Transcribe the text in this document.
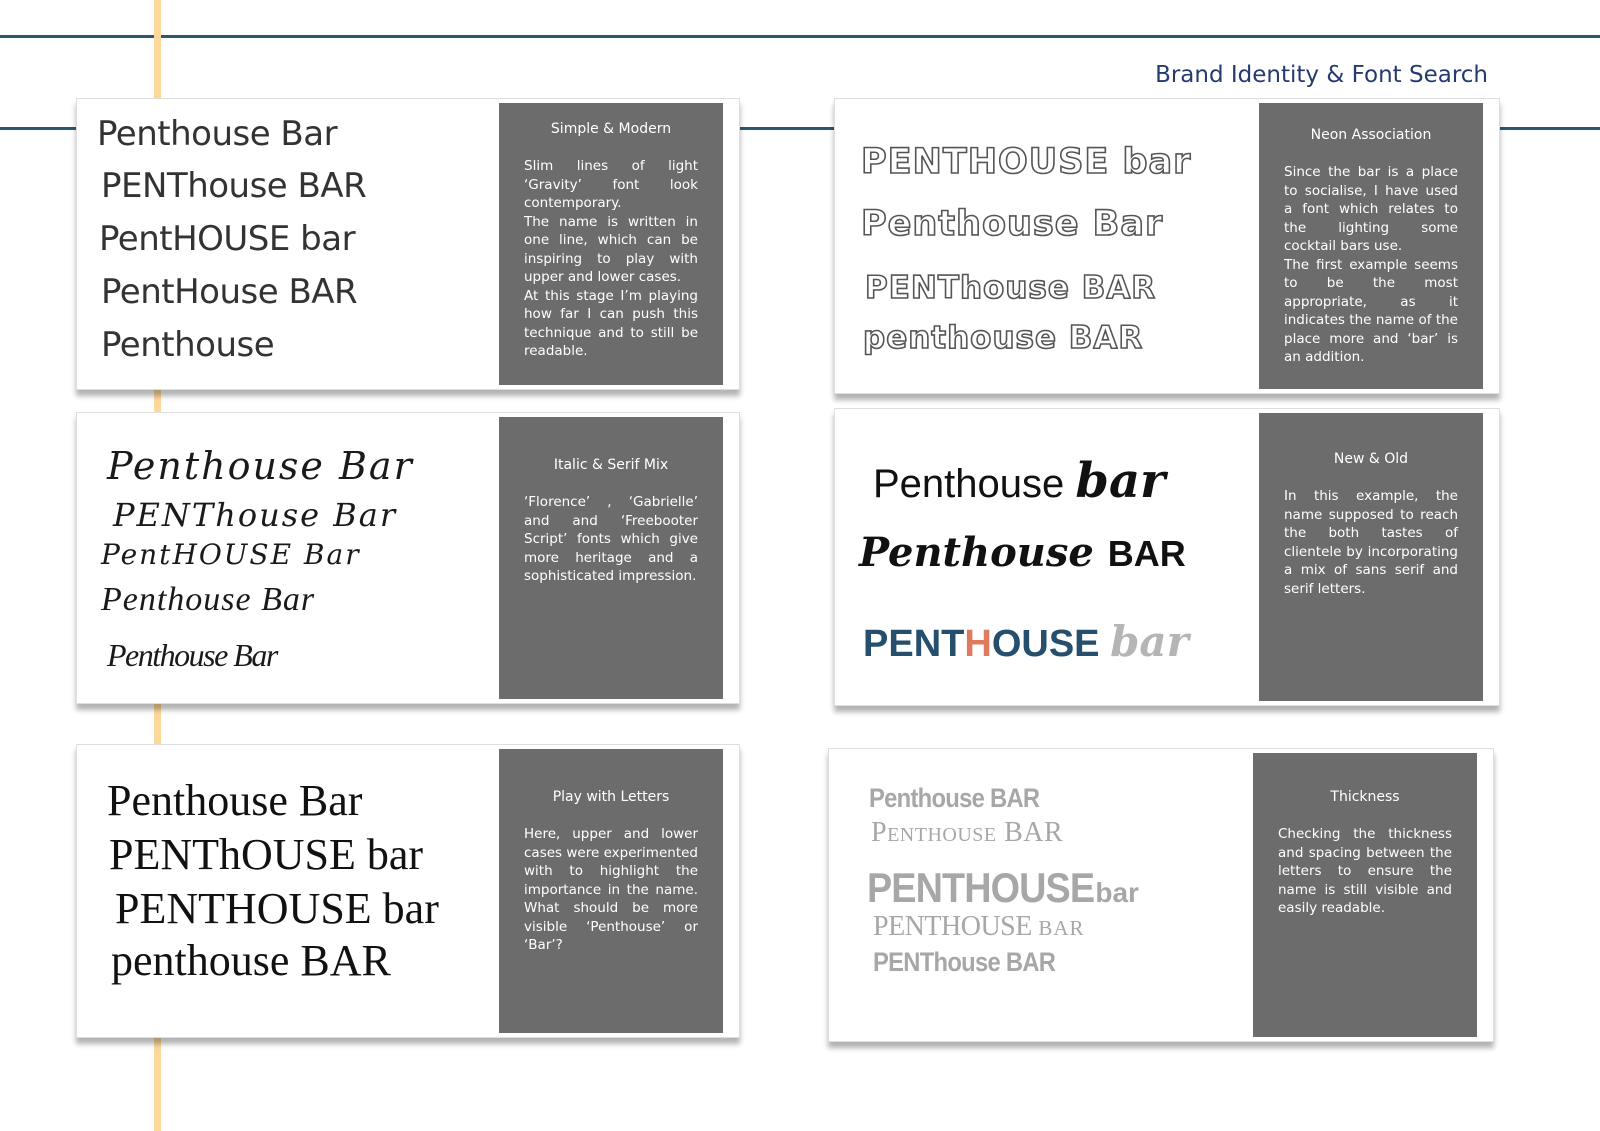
Brand Identity & Font Search
Penthouse Bar
PENThouse BAR
PentHOUSE bar
PentHouse BAR
Penthouse
Simple & Modern
Slim lines of light ‘Gravity’ font look contemporary.
The name is written in one line, which can be inspiring to play with upper and lower cases.
At this stage I’m playing how far I can push this technique and to still be readable.
PENTHOUSE bar
Penthouse Bar
PENThouse BAR
penthouse BAR
Neon Association
Since the bar is a place to socialise, I have used a font which relates to the lighting some cocktail bars use.
The first example seems to be the most appropriate, as it indicates the name of the place more and ‘bar’ is an addition.
Penthouse Bar
PENThouse Bar
PentHOUSE Bar
Penthouse Bar
Penthouse Bar
Italic & Serif Mix
‘Florence’ , ‘Gabrielle’ and and ‘Freebooter Script’ fonts which give more heritage and a sophisticated impression.
Penthouse bar
Penthouse BAR
PENTHOUSE bar
New & Old
In this example, the name supposed to reach the both tastes of clientele by incorporating a mix of sans serif and serif letters.
Penthouse Bar
PENThOUSE bar
PENTHOUSE bar
penthouse BAR
Play with Letters
Here, upper and lower cases were experimented with to highlight the importance in the name. What should be more visible ‘Penthouse’ or ‘Bar’?
Penthouse BAR
Penthouse BAR
PENTHOUSEbar
PENTHOUSE BAR
PENThouse BAR
Thickness
Checking the thickness and spacing between the letters to ensure the name is still visible and easily readable.
